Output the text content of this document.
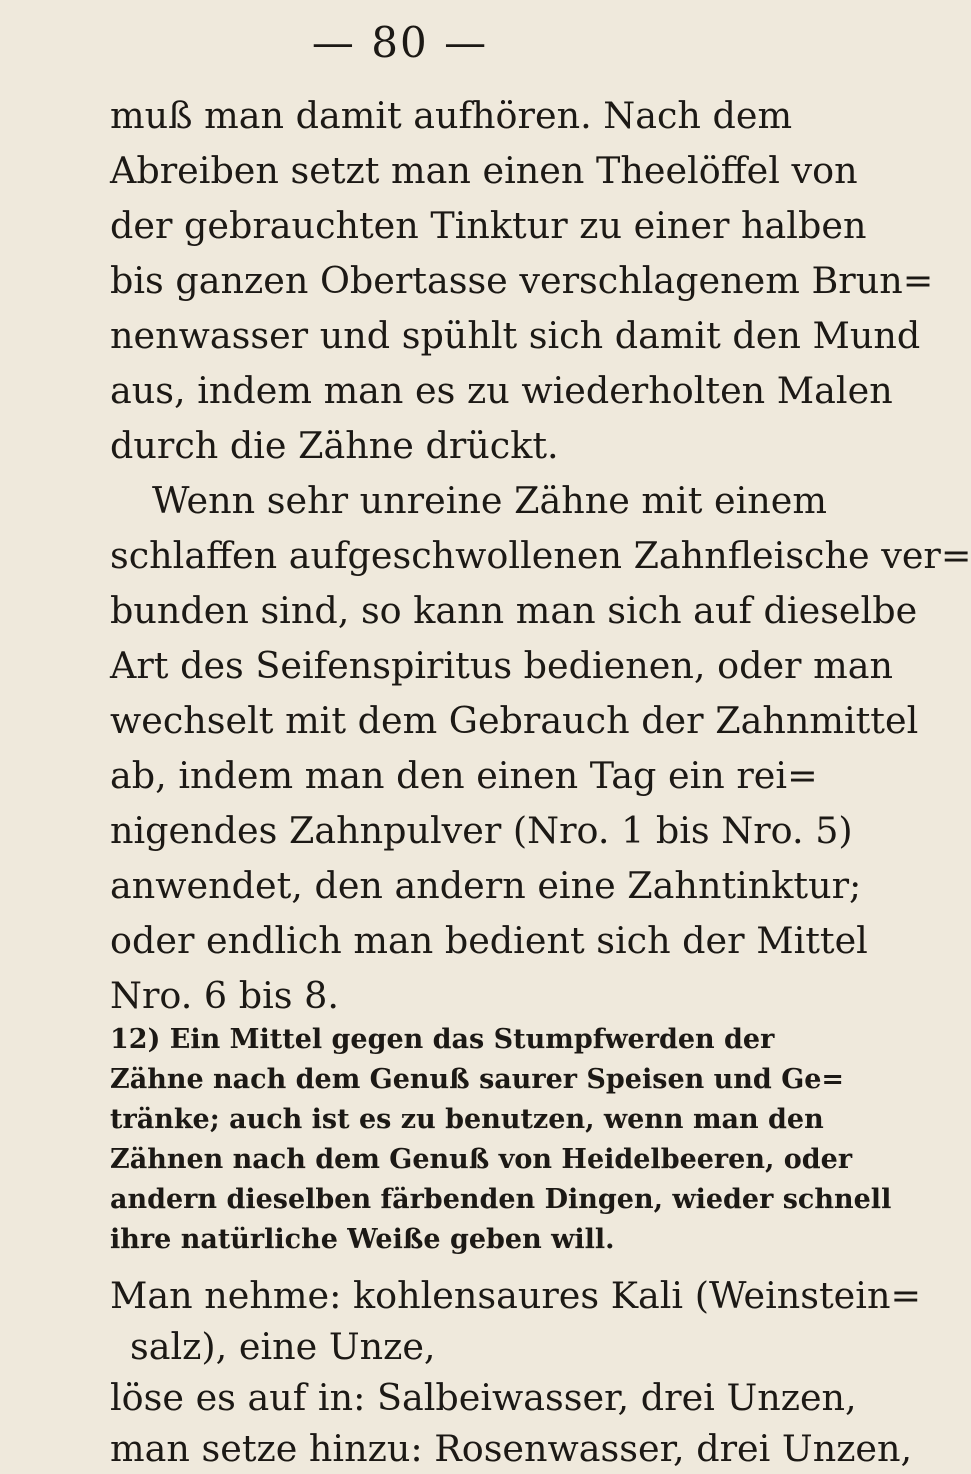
— 80 —

muß man damit aufhören. Nach dem
Abreiben setzt man einen Theelöffel von
der gebrauchten Tinktur zu einer halben
bis ganzen Obertasse verschlagenem Brun=
nenwasser und spühlt sich damit den Mund
aus, indem man es zu wiederholten Malen
durch die Zähne drückt.

Wenn sehr unreine Zähne mit einem
schlaffen aufgeschwollenen Zahnfleische ver=
bunden sind, so kann man sich auf dieselbe
Art des Seifenspiritus bedienen, oder man
wechselt mit dem Gebrauch der Zahnmittel
ab, indem man den einen Tag ein rei=
nigendes Zahnpulver (Nro. 1 bis Nro. 5)
anwendet, den andern eine Zahntinktur;
oder endlich man bedient sich der Mittel
Nro. 6 bis 8.

12) Ein Mittel gegen das Stumpfwerden der
Zähne nach dem Genuß saurer Speisen und Ge=
tränke; auch ist es zu benutzen, wenn man den
Zähnen nach dem Genuß von Heidelbeeren, oder
andern dieselben färbenden Dingen, wieder schnell
ihre natürliche Weiße geben will.

Man nehme: kohlensaures Kali (Weinstein=
salz), eine Unze,
löse es auf in: Salbeiwasser, drei Unzen,
man setze hinzu: Rosenwasser, drei Unzen,
